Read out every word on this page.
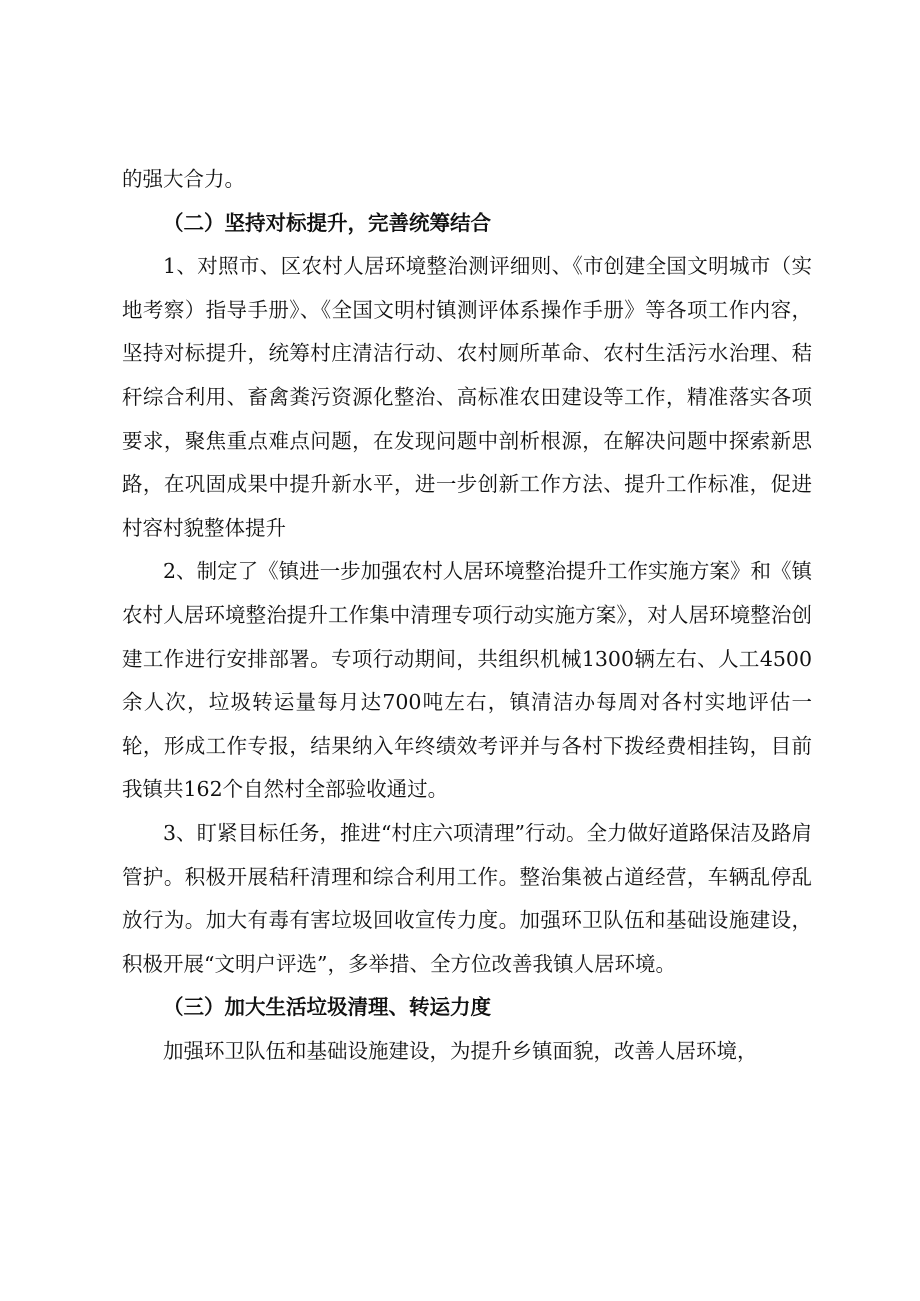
的强大合力。

（二）坚持对标提升，完善统筹结合

1、对照市、区农村人居环境整治测评细则、《市创建全国文明城市（实地考察）指导手册》、《全国文明村镇测评体系操作手册》等各项工作内容，坚持对标提升，统筹村庄清洁行动、农村厕所革命、农村生活污水治理、秸秆综合利用、畜禽粪污资源化整治、高标准农田建设等工作，精准落实各项要求，聚焦重点难点问题，在发现问题中剖析根源，在解决问题中探索新思路，在巩固成果中提升新水平，进一步创新工作方法、提升工作标准，促进村容村貌整体提升

2、制定了《镇进一步加强农村人居环境整治提升工作实施方案》和《镇农村人居环境整治提升工作集中清理专项行动实施方案》，对人居环境整治创建工作进行安排部署。专项行动期间，共组织机械1300辆左右、人工4500余人次，垃圾转运量每月达700吨左右，镇清洁办每周对各村实地评估一轮，形成工作专报，结果纳入年终绩效考评并与各村下拨经费相挂钩，目前我镇共162个自然村全部验收通过。

3、盯紧目标任务，推进“村庄六项清理”行动。全力做好道路保洁及路肩管护。积极开展秸秆清理和综合利用工作。整治集被占道经营，车辆乱停乱放行为。加大有毒有害垃圾回收宣传力度。加强环卫队伍和基础设施建设，积极开展“文明户评选”，多举措、全方位改善我镇人居环境。

（三）加大生活垃圾清理、转运力度

加强环卫队伍和基础设施建设，为提升乡镇面貌，改善人居环境，
